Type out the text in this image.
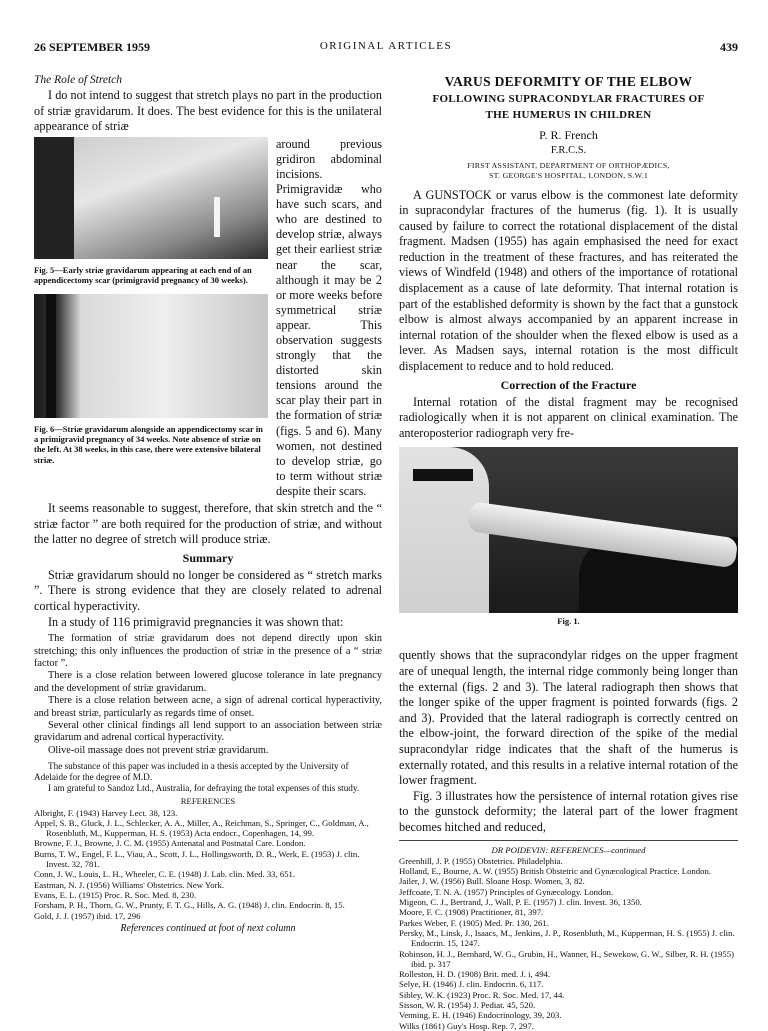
26 SEPTEMBER 1959	ORIGINAL ARTICLES	439

The Role of Stretch

I do not intend to suggest that stretch plays no part in the production of striæ gravidarum. It does. The best evidence for this is the unilateral appearance of striæ

Fig. 5—Early striæ gravidarum appearing at each end of an appendicectomy scar (primigravid pregnancy of 30 weeks).

Fig. 6—Striæ gravidarum alongside an appendicectomy scar in a primigravid pregnancy of 34 weeks. Note absence of striæ on the left. At 38 weeks, in this case, there were extensive bilateral striæ.

around previous gridiron abdominal incisions. Primigravidæ who have such scars, and who are destined to develop striæ, always get their earliest striæ near the scar, although it may be 2 or more weeks before symmetrical striæ appear. This observation suggests strongly that the distorted skin tensions around the scar play their part in the formation of striæ (figs. 5 and 6). Many women, not destined to develop striæ, go to term without striæ despite their scars.

It seems reasonable to suggest, therefore, that skin stretch and the “ striæ factor ” are both required for the production of striæ, and without the latter no degree of stretch will produce striæ.

Summary

Striæ gravidarum should no longer be considered as “ stretch marks ”. There is strong evidence that they are closely related to adrenal cortical hyperactivity.

In a study of 116 primigravid pregnancies it was shown that:

The formation of striæ gravidarum does not depend directly upon skin stretching; this only influences the production of striæ in the presence of a “ striæ factor ”.

There is a close relation between lowered glucose tolerance in late pregnancy and the development of striæ gravidarum.

There is a close relation between acne, a sign of adrenal cortical hyperactivity, and breast striæ, particularly as regards time of onset.

Several other clinical findings all lend support to an association between striæ gravidarum and adrenal cortical hyperactivity.

Olive-oil massage does not prevent striæ gravidarum.

The substance of this paper was included in a thesis accepted by the University of Adelaide for the degree of M.D.

I am grateful to Sandoz Ltd., Australia, for defraying the total expenses of this study.

REFERENCES

Albright, F. (1943) Harvey Lect. 38, 123.
Appel, S. B., Gluck, J. L., Schlecker, A. A., Miller, A., Reichman, S., Springer, C., Goldman, A., Rosenbluth, M., Kupperman, H. S. (1953) Acta endocr., Copenhagen, 14, 99.
Browne, F. J., Browne, J. C. M. (1955) Antenatal and Postnatal Care. London.
Burns, T. W., Engel, F. L., Viau, A., Scott, J. L., Hollingsworth, D. R., Werk, E. (1953) J. clin. Invest. 32, 781.
Conn, J. W., Louis, L. H., Wheeler, C. E. (1948) J. Lab. clin. Med. 33, 651.
Eastman, N. J. (1956) Williams' Obstetrics. New York.
Evans, E. L. (1915) Proc. R. Soc. Med. 8, 230.
Forsham, P. H., Thorn, G. W., Prunty, F. T. G., Hills, A. G. (1948) J. clin. Endocrin. 8, 15.
Gold, J. J. (1957) ibid. 17, 296

References continued at foot of next column

VARUS DEFORMITY OF THE ELBOW

FOLLOWING SUPRACONDYLAR FRACTURES OF

THE HUMERUS IN CHILDREN

P. R. French

F.R.C.S.

FIRST ASSISTANT, DEPARTMENT OF ORTHOPÆDICS,

ST. GEORGE'S HOSPITAL, LONDON, S.W.1

A GUNSTOCK or varus elbow is the commonest late deformity in supracondylar fractures of the humerus (fig. 1). It is usually caused by failure to correct the rotational displacement of the distal fragment. Madsen (1955) has again emphasised the need for exact reduction in the treatment of these fractures, and has reiterated the views of Windfeld (1948) and others of the importance of rotational displacement as a cause of late deformity. That internal rotation is part of the established deformity is shown by the fact that a gunstock elbow is almost always accompanied by an apparent increase in internal rotation of the shoulder when the flexed elbow is used as a lever. As Madsen says, internal rotation is the most difficult displacement to reduce and to hold reduced.

Correction of the Fracture

Internal rotation of the distal fragment may be recognised radiologically when it is not apparent on clinical examination. The anteroposterior radiograph very fre-

Fig. 1.

quently shows that the supracondylar ridges on the upper fragment are of unequal length, the internal ridge commonly being longer than the external (figs. 2 and 3). The lateral radiograph then shows that the longer spike of the upper fragment is pointed forwards (figs. 2 and 3). Provided that the lateral radiograph is correctly centred on the elbow-joint, the forward direction of the spike of the medial supracondylar ridge indicates that the shaft of the humerus is externally rotated, and this results in a relative internal rotation of the lower fragment.

Fig. 3 illustrates how the persistence of internal rotation gives rise to the gunstock deformity; the lateral part of the lower fragment becomes hitched and reduced,

DR POIDEVIN: REFERENCES—continued

Greenhill, J. P. (1955) Obstetrics. Philadelphia.
Holland, E., Bourne, A. W. (1955) British Obstetric and Gynæcological Practice. London.
Jailer, J. W. (1956) Bull. Sloane Hosp. Women, 3, 82.
Jeffcoate, T. N. A. (1957) Principles of Gynæcology. London.
Migeon, C. J., Bertrand, J., Wall, P. E. (1957) J. clin. Invest. 36, 1350.
Moore, F. C. (1908) Practitioner, 81, 397.
Parkes Weber, F. (1905) Med. Pr. 130, 261.
Persky, M., Linsk, J., Isaacs, M., Jenkins, J. P., Rosenbluth, M., Kupperman, H. S. (1955) J. clin. Endocrin. 15, 1247.
Robinson, H. J., Bernhard, W. G., Grubin, H., Wanner, H., Sewekow, G. W., Silber, R. H. (1955) ibid. p. 317
Rolleston, H. D. (1908) Brit. med. J. i, 494.
Selye, H. (1946) J. clin. Endocrin. 6, 117.
Sibley, W. K. (1923) Proc. R. Soc. Med. 17, 44.
Sisson, W. R. (1954) J. Pediat. 45, 520.
Venning, E. H. (1946) Endocrinology, 39, 203.
Wilks (1861) Guy's Hosp. Rep. 7, 297.
